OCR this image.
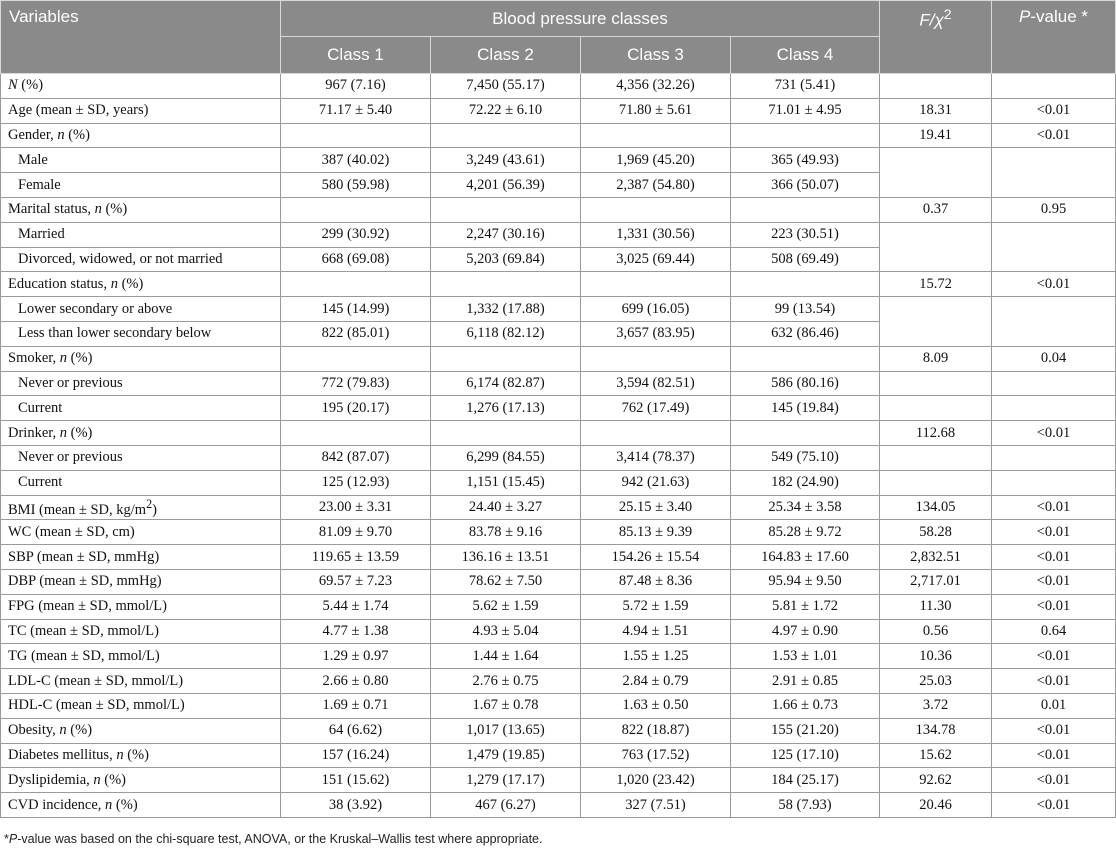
Variables	Blood pressure classes				$F/\chi^2$	P-value *
	Class 1	Class 2	Class 3	Class 4		
N (%)	967 (7.16)	7,450 (55.17)	4,356 (32.26)	731 (5.41)		
Age (mean ± SD, years)	71.17 ± 5.40	72.22 ± 6.10	71.80 ± 5.61	71.01 ± 4.95	18.31	<0.01
Gender, n (%)					19.41	<0.01
Male	387 (40.02)	3,249 (43.61)	1,969 (45.20)	365 (49.93)		
Female	580 (59.98)	4,201 (56.39)	2,387 (54.80)	366 (50.07)		
Marital status, n (%)					0.37	0.95
Married	299 (30.92)	2,247 (30.16)	1,331 (30.56)	223 (30.51)		
Divorced, widowed, or not married	668 (69.08)	5,203 (69.84)	3,025 (69.44)	508 (69.49)		
Education status, n (%)					15.72	<0.01
Lower secondary or above	145 (14.99)	1,332 (17.88)	699 (16.05)	99 (13.54)		
Less than lower secondary below	822 (85.01)	6,118 (82.12)	3,657 (83.95)	632 (86.46)		
Smoker, n (%)					8.09	0.04
Never or previous	772 (79.83)	6,174 (82.87)	3,594 (82.51)	586 (80.16)		
Current	195 (20.17)	1,276 (17.13)	762 (17.49)	145 (19.84)		
Drinker, n (%)					112.68	<0.01
Never or previous	842 (87.07)	6,299 (84.55)	3,414 (78.37)	549 (75.10)		
Current	125 (12.93)	1,151 (15.45)	942 (21.63)	182 (24.90)		
BMI (mean ± SD, $kg/m^2$)	23.00 ± 3.31	24.40 ± 3.27	25.15 ± 3.40	25.34 ± 3.58	134.05	<0.01
WC (mean ± SD, cm)	81.09 ± 9.70	83.78 ± 9.16	85.13 ± 9.39	85.28 ± 9.72	58.28	<0.01
SBP (mean ± SD, mmHg)	119.65 ± 13.59	136.16 ± 13.51	154.26 ± 15.54	164.83 ± 17.60	2,832.51	<0.01
DBP (mean ± SD, mmHg)	69.57 ± 7.23	78.62 ± 7.50	87.48 ± 8.36	95.94 ± 9.50	2,717.01	<0.01
FPG (mean ± SD, mmol/L)	5.44 ± 1.74	5.62 ± 1.59	5.72 ± 1.59	5.81 ± 1.72	11.30	<0.01
TC (mean ± SD, mmol/L)	4.77 ± 1.38	4.93 ± 5.04	4.94 ± 1.51	4.97 ± 0.90	0.56	0.64
TG (mean ± SD, mmol/L)	1.29 ± 0.97	1.44 ± 1.64	1.55 ± 1.25	1.53 ± 1.01	10.36	<0.01
LDL-C (mean ± SD, mmol/L)	2.66 ± 0.80	2.76 ± 0.75	2.84 ± 0.79	2.91 ± 0.85	25.03	<0.01
HDL-C (mean ± SD, mmol/L)	1.69 ± 0.71	1.67 ± 0.78	1.63 ± 0.50	1.66 ± 0.73	3.72	0.01
Obesity, n (%)	64 (6.62)	1,017 (13.65)	822 (18.87)	155 (21.20)	134.78	<0.01
Diabetes mellitus, n (%)	157 (16.24)	1,479 (19.85)	763 (17.52)	125 (17.10)	15.62	<0.01
Dyslipidemia, n (%)	151 (15.62)	1,279 (17.17)	1,020 (23.42)	184 (25.17)	92.62	<0.01
CVD incidence, n (%)	38 (3.92)	467 (6.27)	327 (7.51)	58 (7.93)	20.46	<0.01
*P-value was based on the chi-square test, ANOVA, or the Kruskal–Wallis test where appropriate.
